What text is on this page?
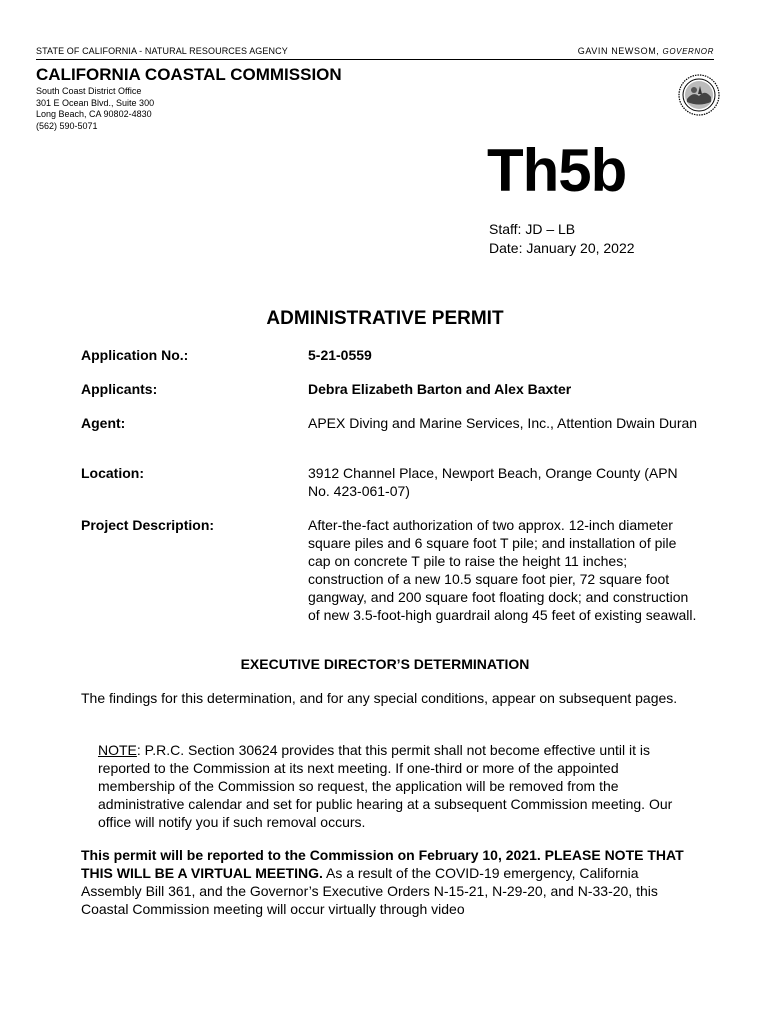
STATE OF CALIFORNIA - NATURAL RESOURCES AGENCY	GAVIN NEWSOM, GOVERNOR
CALIFORNIA COASTAL COMMISSION
South Coast District Office
301 E Ocean Blvd., Suite 300
Long Beach, CA 90802-4830
(562) 590-5071
Th5b
Staff: JD – LB
Date: January 20, 2022
ADMINISTRATIVE PERMIT
Application No.:	5-21-0559
Applicants:	Debra Elizabeth Barton and Alex Baxter
Agent:	APEX Diving and Marine Services, Inc., Attention Dwain Duran
Location:	3912 Channel Place, Newport Beach, Orange County (APN No. 423-061-07)
Project Description:	After-the-fact authorization of two approx. 12-inch diameter square piles and 6 square foot T pile; and installation of pile cap on concrete T pile to raise the height 11 inches; construction of a new 10.5 square foot pier, 72 square foot gangway, and 200 square foot floating dock; and construction of new 3.5-foot-high guardrail along 45 feet of existing seawall.
EXECUTIVE DIRECTOR’S DETERMINATION
The findings for this determination, and for any special conditions, appear on subsequent pages.
NOTE: P.R.C. Section 30624 provides that this permit shall not become effective until it is reported to the Commission at its next meeting. If one-third or more of the appointed membership of the Commission so request, the application will be removed from the administrative calendar and set for public hearing at a subsequent Commission meeting. Our office will notify you if such removal occurs.
This permit will be reported to the Commission on February 10, 2021. PLEASE NOTE THAT THIS WILL BE A VIRTUAL MEETING. As a result of the COVID-19 emergency, California Assembly Bill 361, and the Governor’s Executive Orders N-15-21, N-29-20, and N-33-20, this Coastal Commission meeting will occur virtually through video
